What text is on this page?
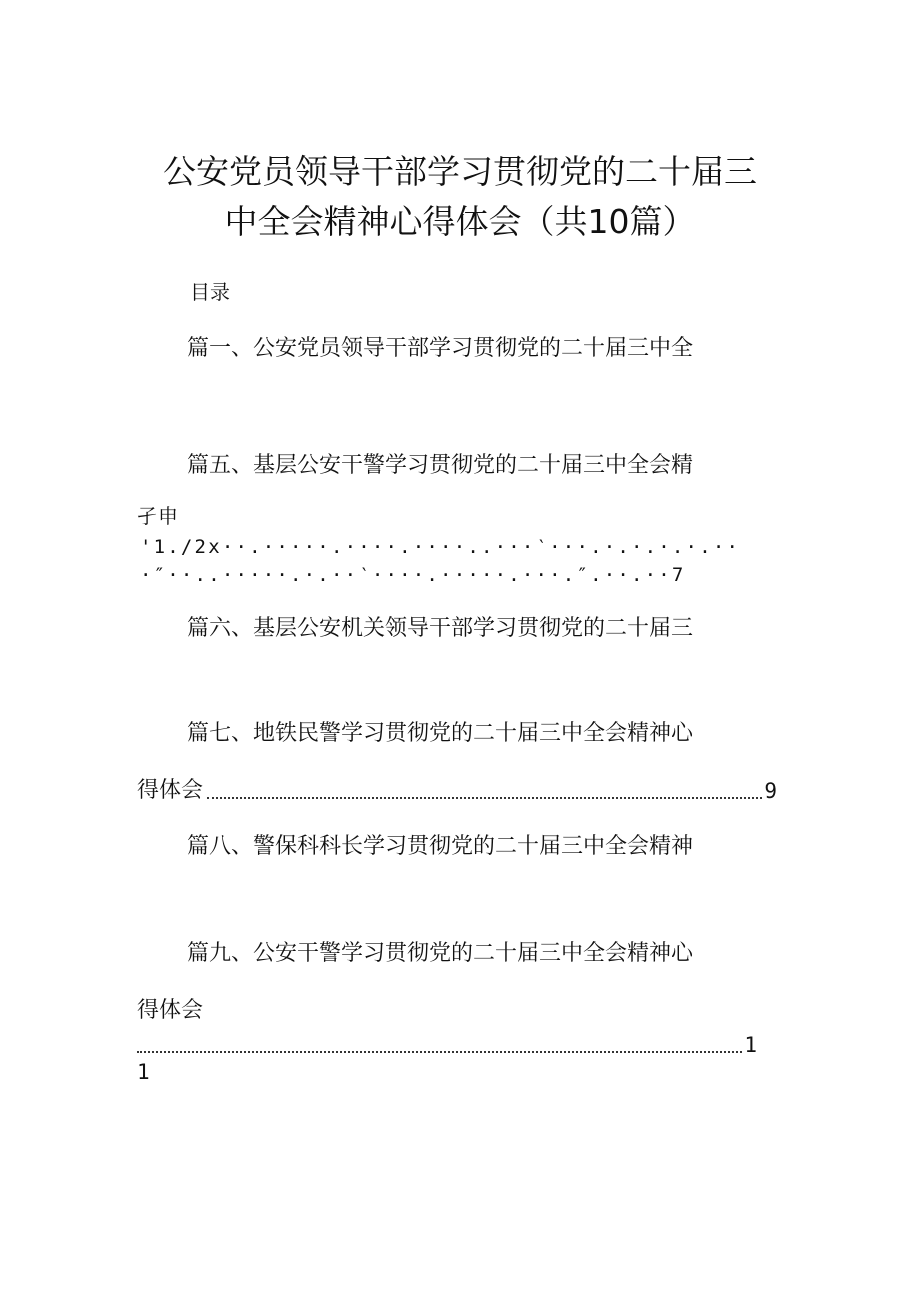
公安党员领导干部学习贯彻党的二十届三
中全会精神心得体会（共10篇）
目录
篇一、公安党员领导干部学习贯彻党的二十届三中全
篇五、基层公安干警学习贯彻党的二十届三中全会精
孑申
'1./2x··.·····.····.····..···‵···.·.·.·.·.··
·″··..·····.·.··‵····.·····.···.″.··.··7
篇六、基层公安机关领导干部学习贯彻党的二十届三
篇七、地铁民警学习贯彻党的二十届三中全会精神心
得体会	9
篇八、警保科科长学习贯彻党的二十届三中全会精神
篇九、公安干警学习贯彻党的二十届三中全会精神心
得体会
1
1
